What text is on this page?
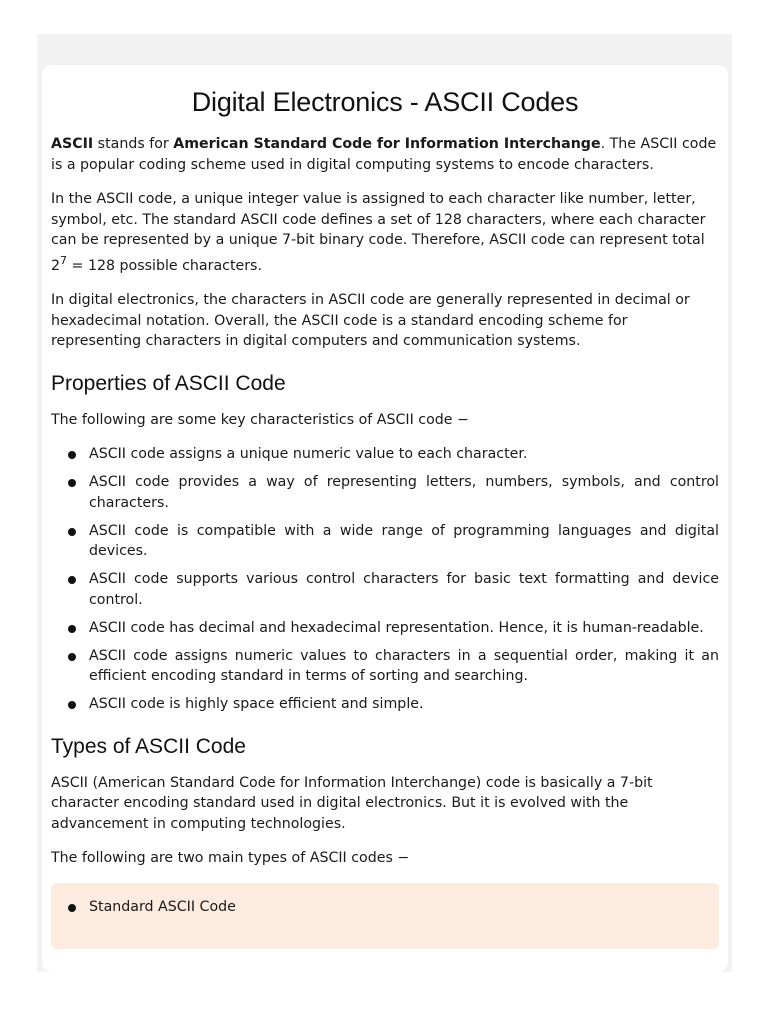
Digital Electronics - ASCII Codes

ASCII stands for American Standard Code for Information Interchange. The ASCII code is a popular coding scheme used in digital computing systems to encode characters.

In the ASCII code, a unique integer value is assigned to each character like number, letter, symbol, etc. The standard ASCII code defines a set of 128 characters, where each character can be represented by a unique 7-bit binary code. Therefore, ASCII code can represent total $2^7 = 128$ possible characters.

In digital electronics, the characters in ASCII code are generally represented in decimal or hexadecimal notation. Overall, the ASCII code is a standard encoding scheme for representing characters in digital computers and communication systems.

Properties of ASCII Code

The following are some key characteristics of ASCII code −

ASCII code assigns a unique numeric value to each character.
ASCII code provides a way of representing letters, numbers, symbols, and control characters.
ASCII code is compatible with a wide range of programming languages and digital devices.
ASCII code supports various control characters for basic text formatting and device control.
ASCII code has decimal and hexadecimal representation. Hence, it is human-readable.
ASCII code assigns numeric values to characters in a sequential order, making it an efficient encoding standard in terms of sorting and searching.
ASCII code is highly space efficient and simple.
Types of ASCII Code

ASCII (American Standard Code for Information Interchange) code is basically a 7-bit character encoding standard used in digital electronics. But it is evolved with the advancement in computing technologies.

The following are two main types of ASCII codes −

Standard ASCII Code
